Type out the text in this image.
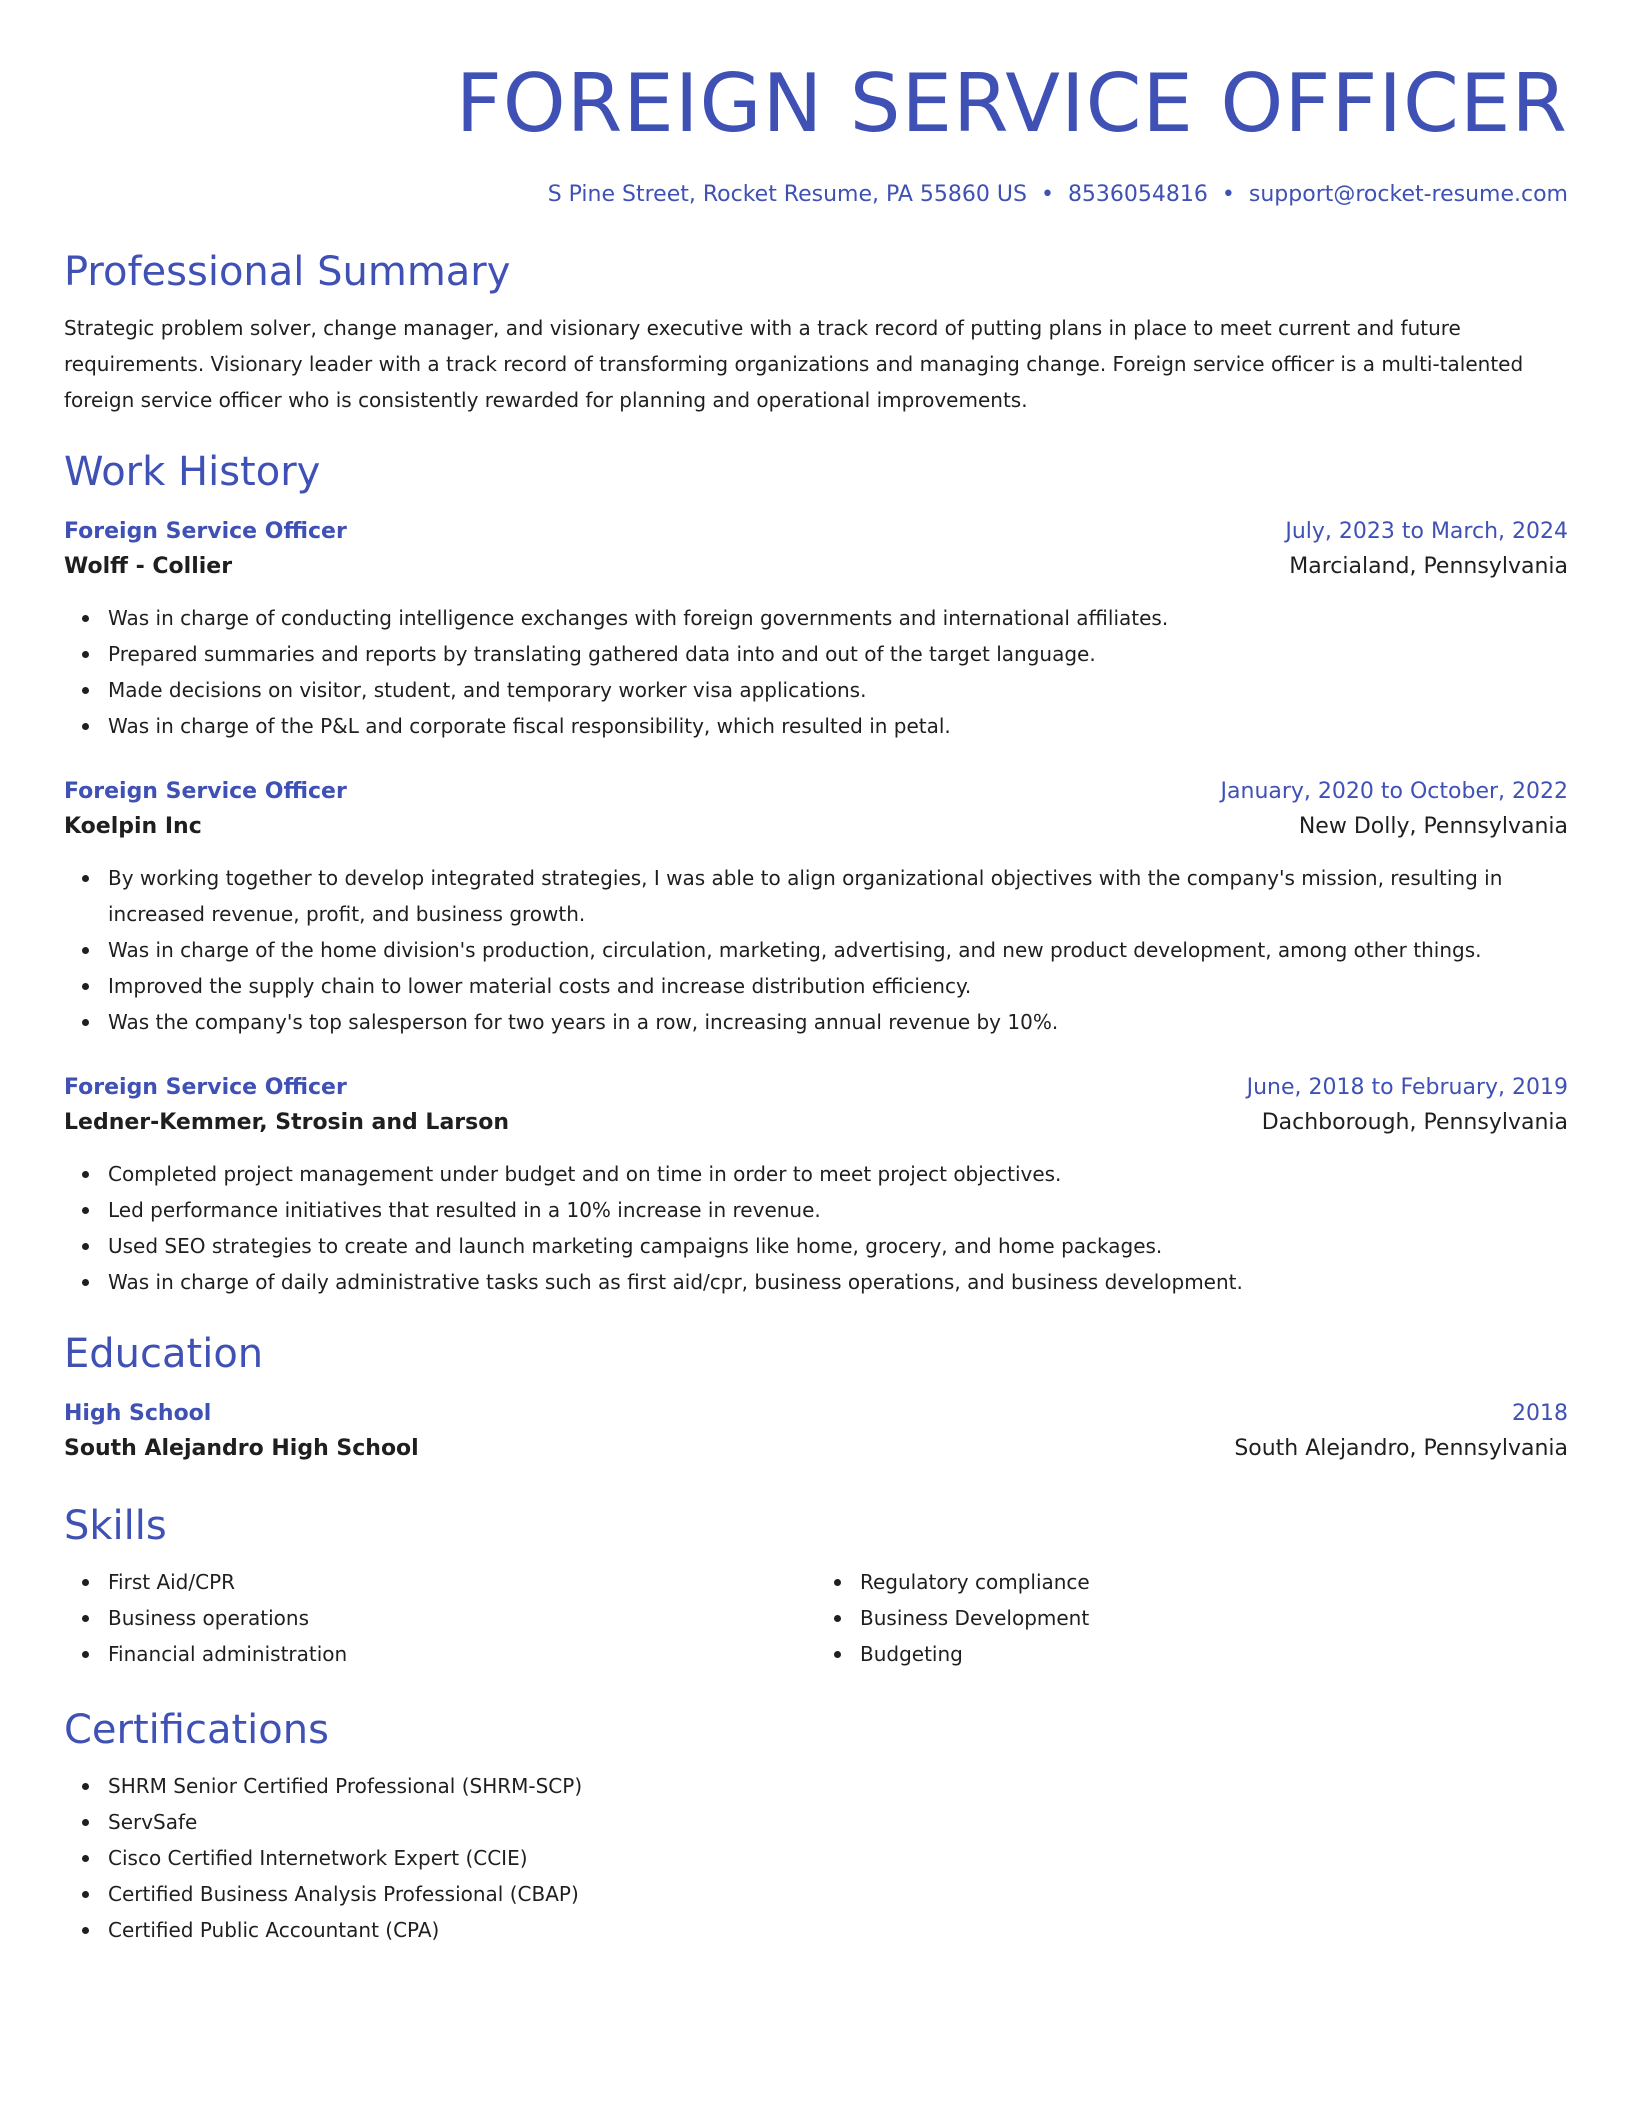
FOREIGN SERVICE OFFICER
S Pine Street, Rocket Resume, PA 55860 US • 8536054816 • support@rocket-resume.com
Professional Summary

Strategic problem solver, change manager, and visionary executive with a track record of putting plans in place to meet current and future requirements. Visionary leader with a track record of transforming organizations and managing change. Foreign service officer is a multi-talented foreign service officer who is consistently rewarded for planning and operational improvements.

Work History
Foreign Service Officer	July, 2023 to March, 2024
Wolff - Collier	Marcialand, Pennsylvania
Was in charge of conducting intelligence exchanges with foreign governments and international affiliates.
Prepared summaries and reports by translating gathered data into and out of the target language.
Made decisions on visitor, student, and temporary worker visa applications.
Was in charge of the P&L and corporate fiscal responsibility, which resulted in petal.
Foreign Service Officer	January, 2020 to October, 2022
Koelpin Inc	New Dolly, Pennsylvania
By working together to develop integrated strategies, I was able to align organizational objectives with the company's mission, resulting in increased revenue, profit, and business growth.
Was in charge of the home division's production, circulation, marketing, advertising, and new product development, among other things.
Improved the supply chain to lower material costs and increase distribution efficiency.
Was the company's top salesperson for two years in a row, increasing annual revenue by 10%.
Foreign Service Officer	June, 2018 to February, 2019
Ledner-Kemmer, Strosin and Larson	Dachborough, Pennsylvania
Completed project management under budget and on time in order to meet project objectives.
Led performance initiatives that resulted in a 10% increase in revenue.
Used SEO strategies to create and launch marketing campaigns like home, grocery, and home packages.
Was in charge of daily administrative tasks such as first aid/cpr, business operations, and business development.
Education
High School	2018
South Alejandro High School	South Alejandro, Pennsylvania
Skills
First Aid/CPR
Business operations
Financial administration
Regulatory compliance
Business Development
Budgeting
Certifications
SHRM Senior Certified Professional (SHRM-SCP)
ServSafe
Cisco Certified Internetwork Expert (CCIE)
Certified Business Analysis Professional (CBAP)
Certified Public Accountant (CPA)
